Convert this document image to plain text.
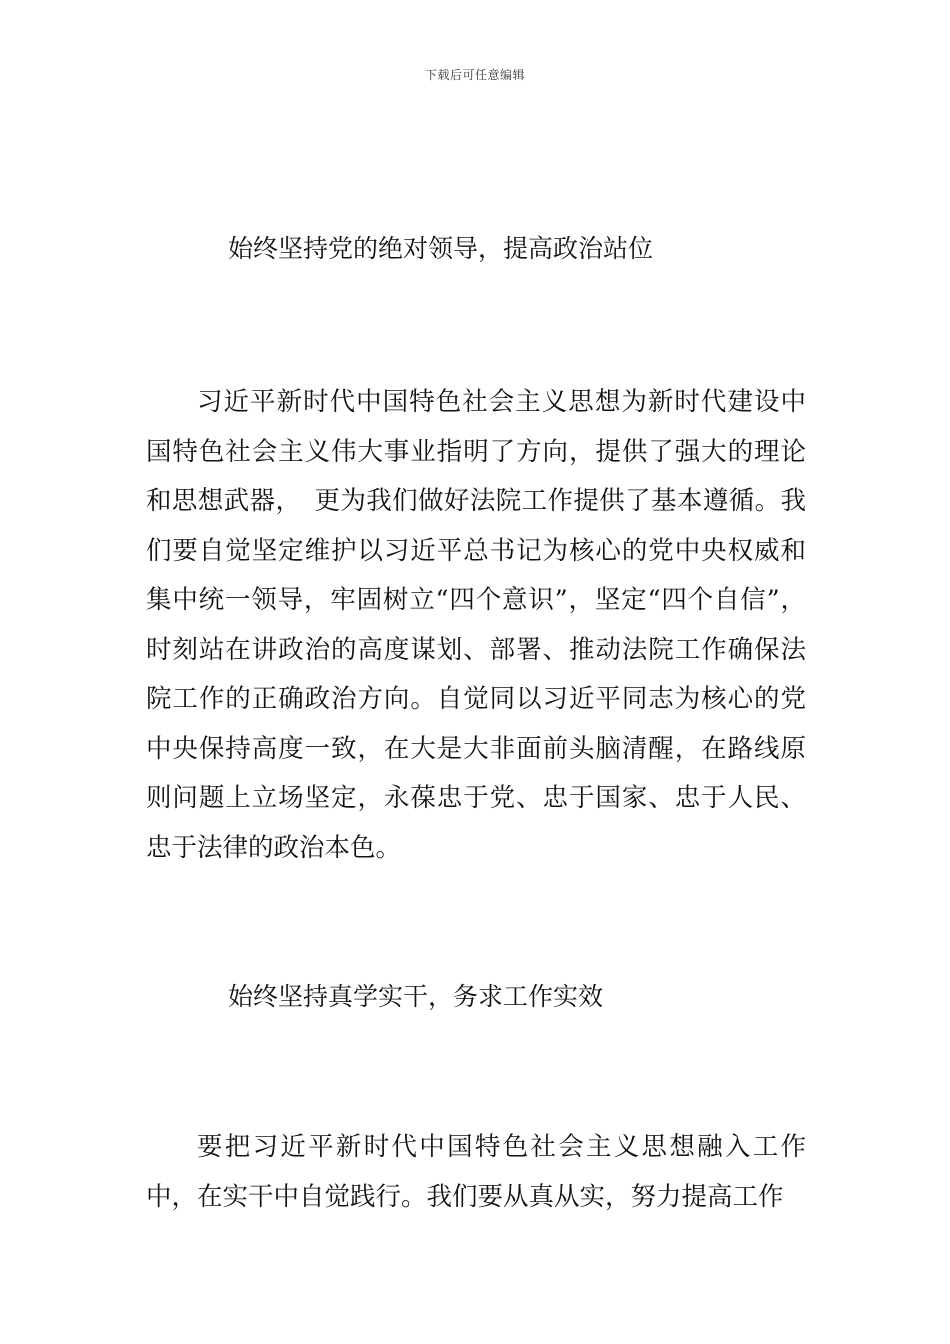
下载后可任意编辑
始终坚持党的绝对领导，提高政治站位

习近平新时代中国特色社会主义思想为新时代建设中国特色社会主义伟大事业指明了方向，提供了强大的理论和思想武器，　更为我们做好法院工作提供了基本遵循。我们要自觉坚定维护以习近平总书记为核心的党中央权威和集中统一领导，牢固树立“四个意识”，坚定“四个自信”，时刻站在讲政治的高度谋划、部署、推动法院工作确保法院工作的正确政治方向。自觉同以习近平同志为核心的党中央保持高度一致，在大是大非面前头脑清醒，在路线原则问题上立场坚定，永葆忠于党、忠于国家、忠于人民、忠于法律的政治本色。

始终坚持真学实干，务求工作实效

要把习近平新时代中国特色社会主义思想融入工作中，在实干中自觉践行。我们要从真从实，努力提高工作
